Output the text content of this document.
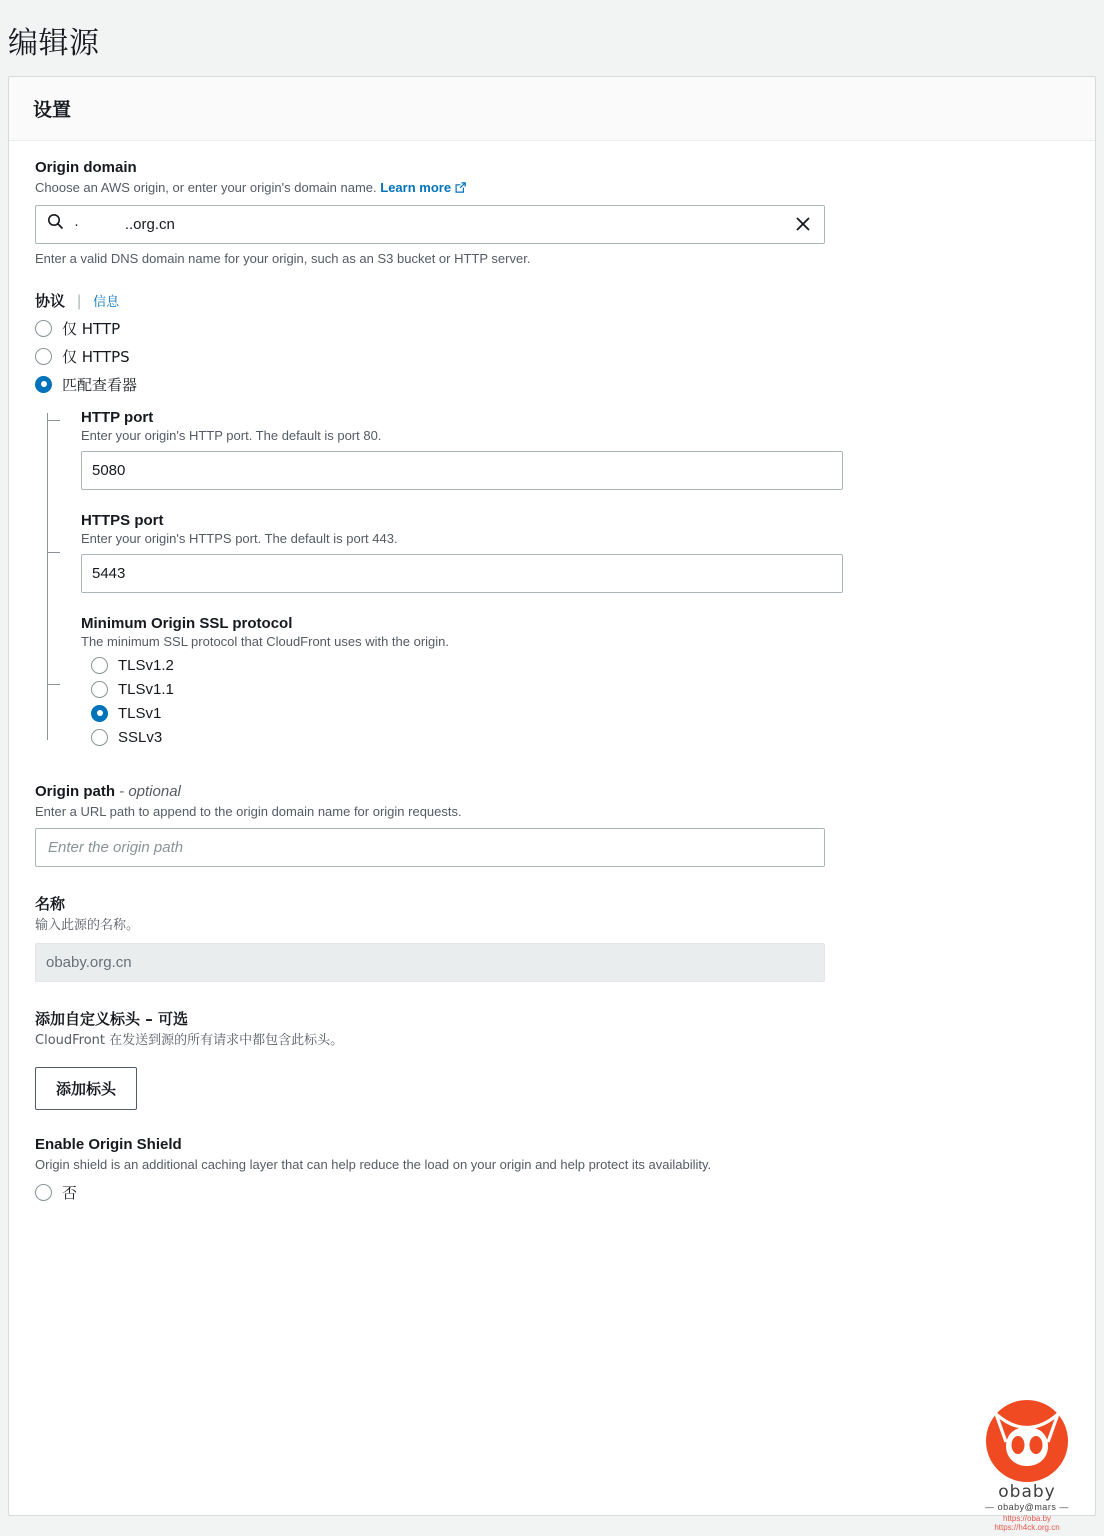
编辑源
设置
Origin domain
Choose an AWS origin, or enter your origin's domain name. Learn more
· ..org.cn
Enter a valid DNS domain name for your origin, such as an S3 bucket or HTTP server.
协议 | 信息
仅 HTTP
仅 HTTPS
匹配查看器
HTTP port
Enter your origin's HTTP port. The default is port 80.
5080
HTTPS port
Enter your origin's HTTPS port. The default is port 443.
5443
Minimum Origin SSL protocol
The minimum SSL protocol that CloudFront uses with the origin.
TLSv1.2
TLSv1.1
TLSv1
SSLv3
Origin path - optional
Enter a URL path to append to the origin domain name for origin requests.
Enter the origin path
名称
输入此源的名称。
obaby.org.cn
添加自定义标头 – 可选
CloudFront 在发送到源的所有请求中都包含此标头。
添加标头
Enable Origin Shield
Origin shield is an additional caching layer that can help reduce the load on your origin and help protect its availability.
否
obaby
— obaby@mars —
https://oba.by
https://h4ck.org.cn
